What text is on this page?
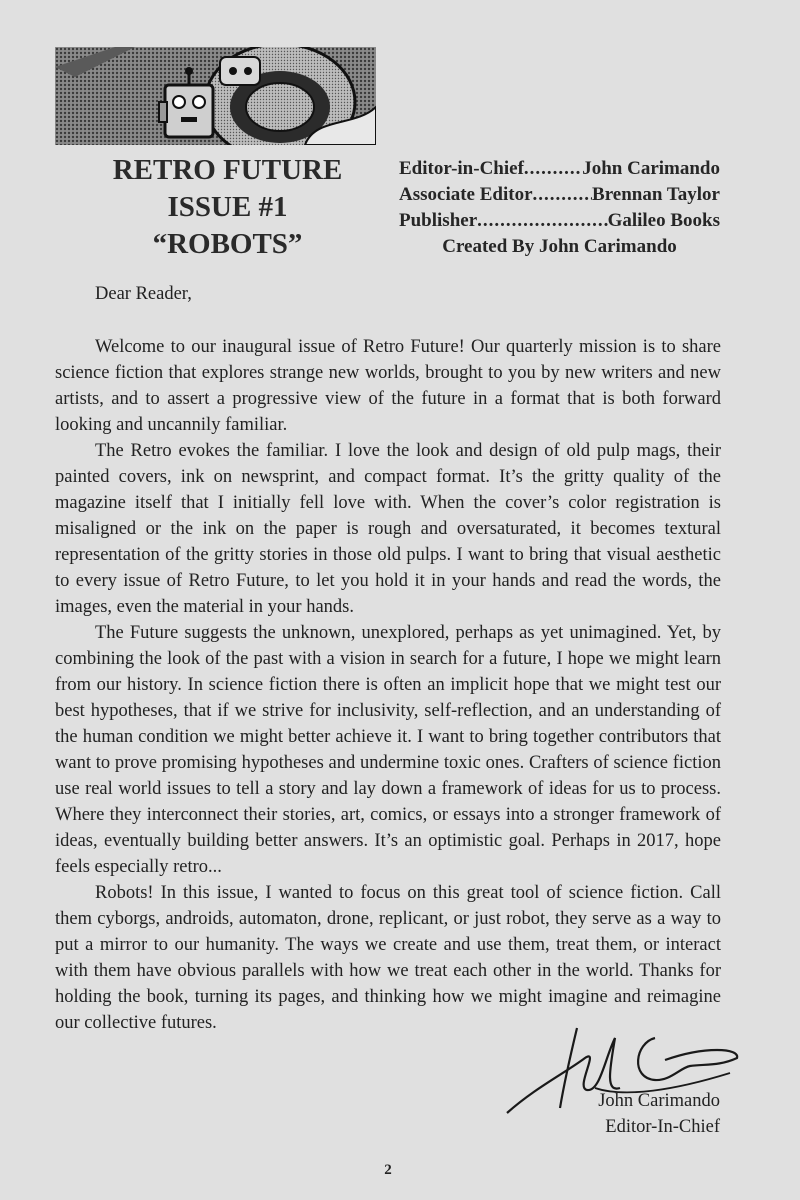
RETRO FUTURE
ISSUE #1
“ROBOTS”
Editor-in-Chief .....	John Carimando
Associate Editor .....	Brennan Taylor
Publisher .....	Galileo Books
Created By John Carimando

Dear Reader,

Welcome to our inaugural issue of Retro Future! Our quarterly mission is to share science fiction that explores strange new worlds, brought to you by new writers and new artists, and to assert a progressive view of the future in a format that is both forward looking and uncannily familiar.

The Retro evokes the familiar. I love the look and design of old pulp mags, their painted covers, ink on newsprint, and compact format. It’s the gritty quality of the magazine itself that I initially fell love with. When the cover’s color registration is misaligned or the ink on the paper is rough and oversaturated, it becomes textural representation of the gritty stories in those old pulps. I want to bring that visual aesthetic to every issue of Retro Future, to let you hold it in your hands and read the words, the images, even the material in your hands.

The Future suggests the unknown, unexplored, perhaps as yet unimagined. Yet, by combining the look of the past with a vision in search for a future, I hope we might learn from our history. In science fiction there is often an implicit hope that we might test our best hypotheses, that if we strive for inclusivity, self-reflection, and an understanding of the human condition we might better achieve it. I want to bring together contributors that want to prove promising hypotheses and undermine toxic ones. Crafters of science fiction use real world issues to tell a story and lay down a framework of ideas for us to process. Where they interconnect their stories, art, comics, or essays into a stronger framework of ideas, eventually building better answers. It’s an optimistic goal. Perhaps in 2017, hope feels especially retro...

Robots! In this issue, I wanted to focus on this great tool of science fiction. Call them cyborgs, androids, automaton, drone, replicant, or just robot, they serve as a way to put a mirror to our humanity. The ways we create and use them, treat them, or interact with them have obvious parallels with how we treat each other in the world. Thanks for holding the book, turning its pages, and thinking how we might imagine and reimagine our collective futures.

John Carimando
Editor-In-Chief
2
